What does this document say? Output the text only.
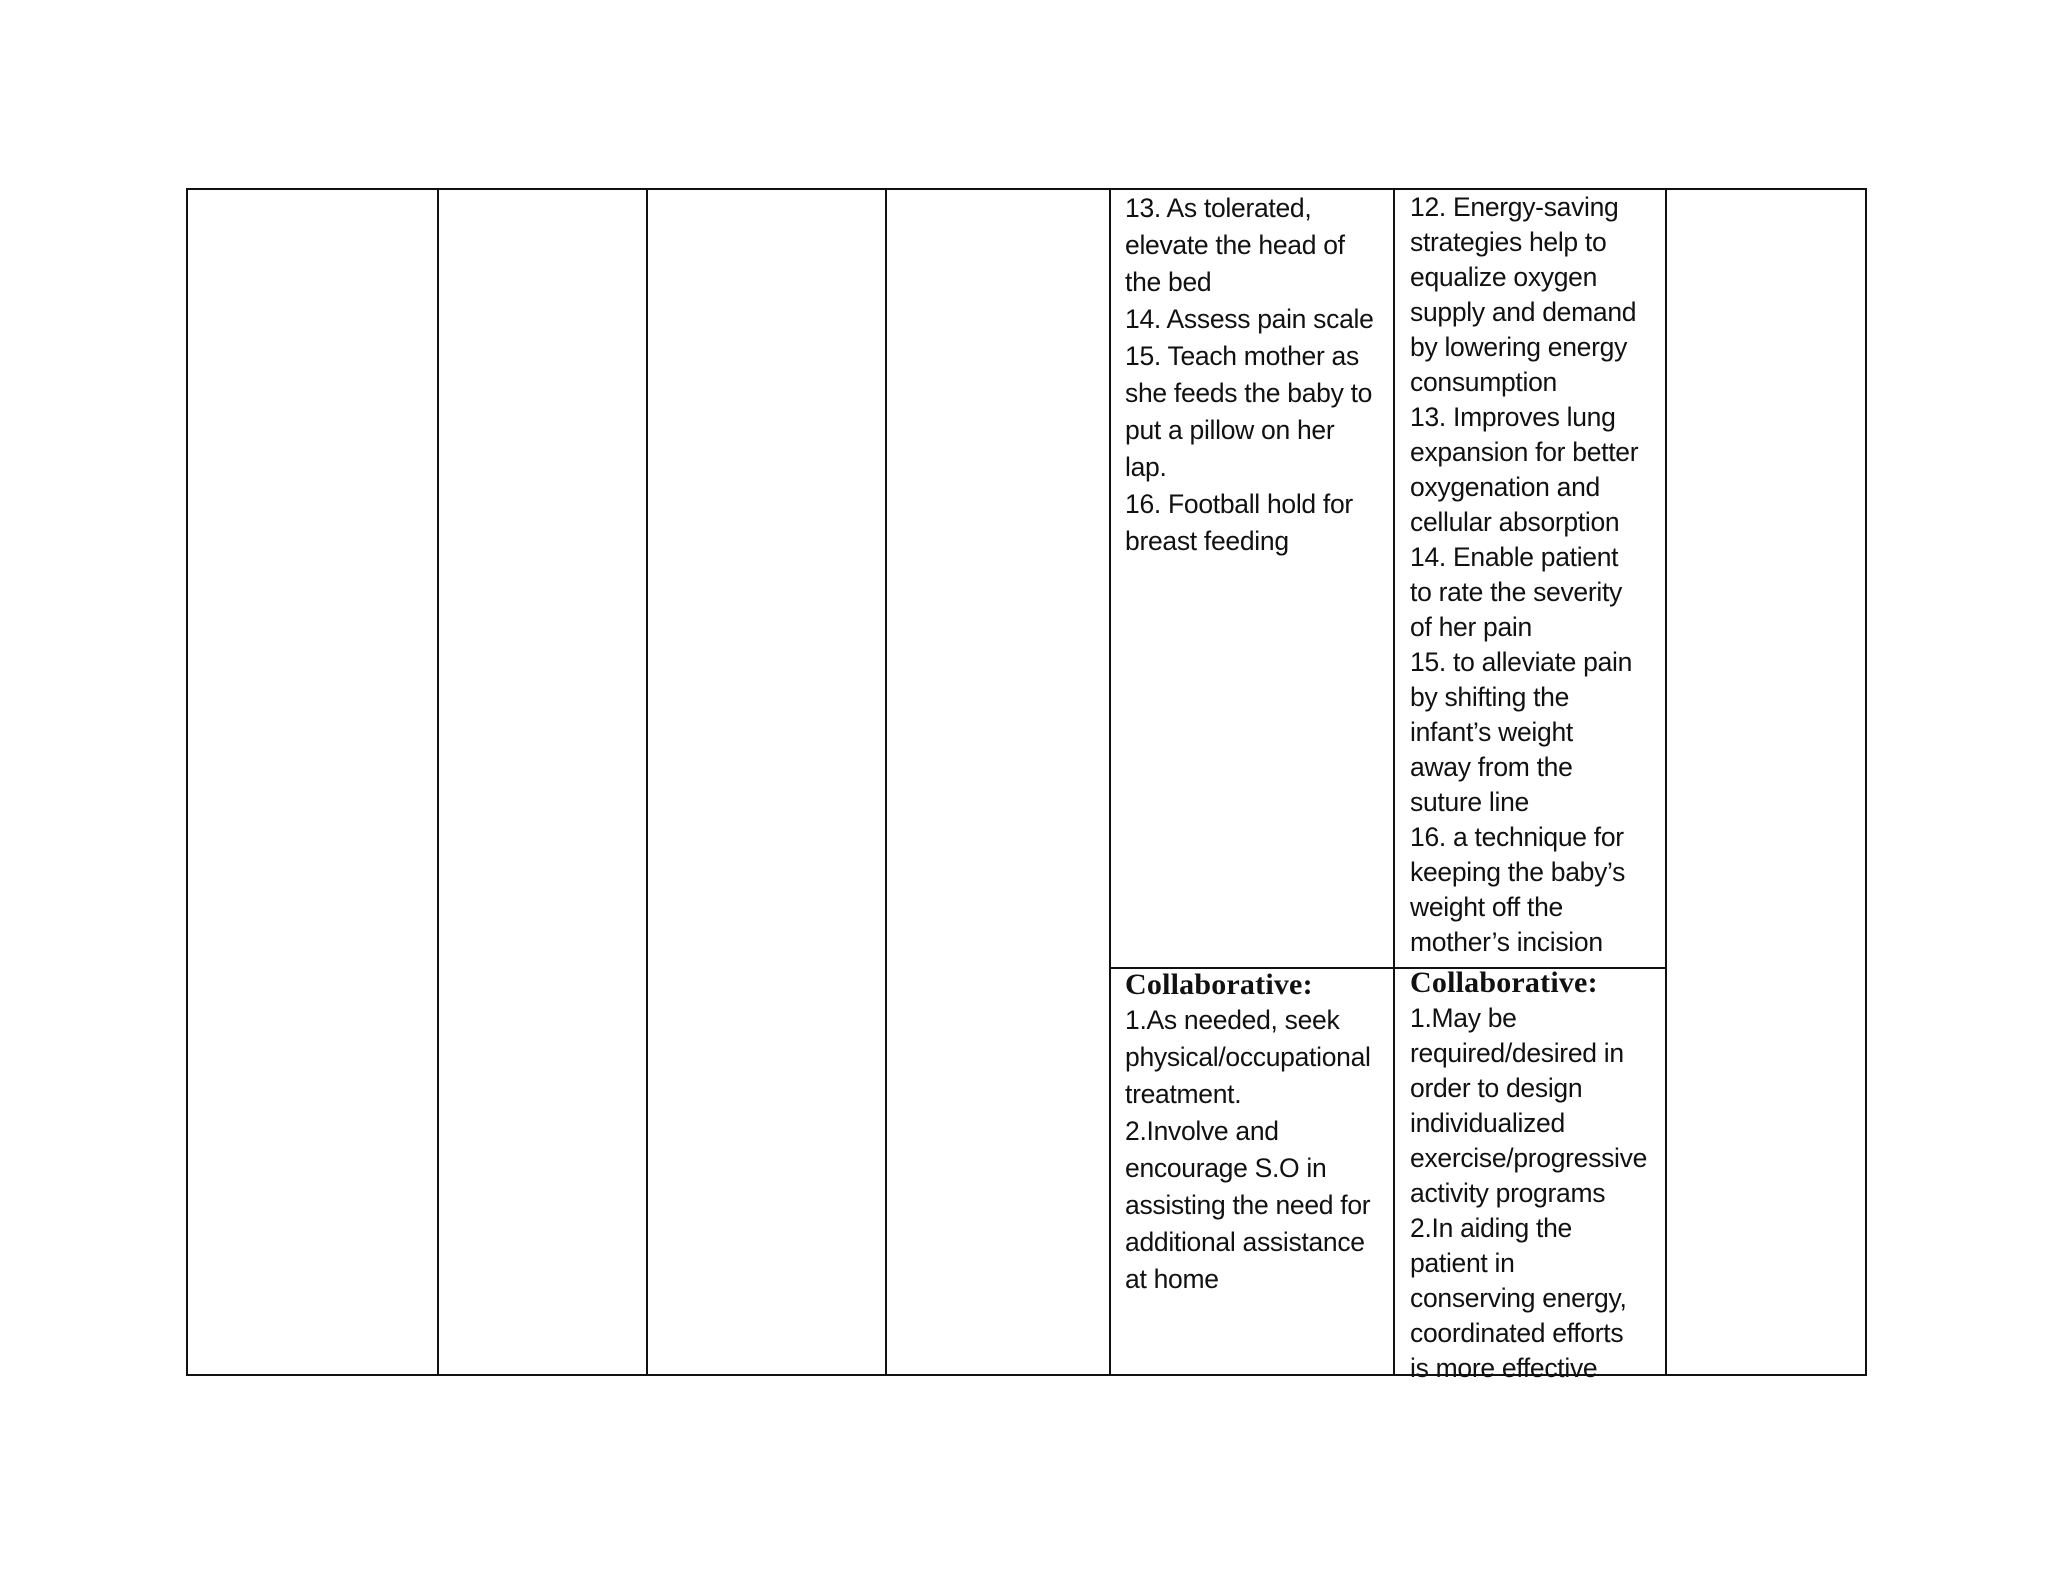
13. As tolerated,
elevate the head of
the bed
14. Assess pain scale
15. Teach mother as
she feeds the baby to
put a pillow on her
lap.
16. Football hold for
breast feeding
12. Energy-saving
strategies help to
equalize oxygen
supply and demand
by lowering energy
consumption
13. Improves lung
expansion for better
oxygenation and
cellular absorption
14. Enable patient
to rate the severity
of her pain
15. to alleviate pain
by shifting the
infant’s weight
away from the
suture line
16. a technique for
keeping the baby’s
weight off the
mother’s incision
Collaborative:
1.As needed, seek
physical/occupational
treatment.
2.Involve and
encourage S.O in
assisting the need for
additional assistance
at home
Collaborative:
1.May be
required/desired in
order to design
individualized
exercise/progressive
activity programs
2.In aiding the
patient in
conserving energy,
coordinated efforts
is more effective
